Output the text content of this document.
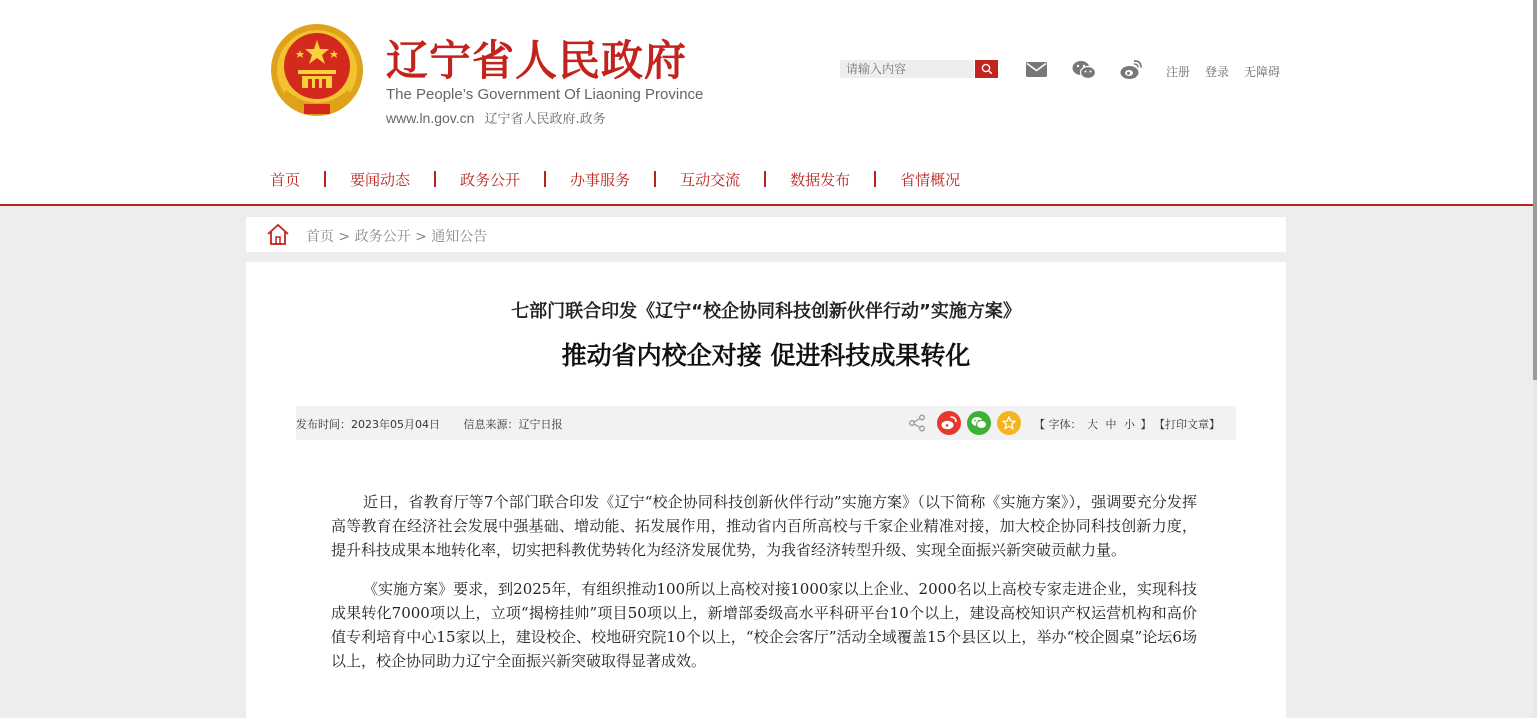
辽宁省人民政府
The People’s Government Of Liaoning Province
www.ln.gov.cn 辽宁省人民政府.政务
请输入内容
注册 登录 无障碍
首页	要闻动态	政务公开	办事服务	互动交流	数据发布	省情概况
首页 > 政务公开 > 通知公告
七部门联合印发《辽宁“校企协同科技创新伙伴行动”实施方案》
推动省内校企对接 促进科技成果转化
发布时间：2023年05月04日 信息来源：辽宁日报	【 字体： 大 中 小 】 【打印文章】

近日，省教育厅等7个部门联合印发《辽宁“校企协同科技创新伙伴行动”实施方案》（以下简称《实施方案》），强调要充分发挥高等教育在经济社会发展中强基础、增动能、拓发展作用，推动省内百所高校与千家企业精准对接，加大校企协同科技创新力度，提升科技成果本地转化率，切实把科教优势转化为经济发展优势，为我省经济转型升级、实现全面振兴新突破贡献力量。

《实施方案》要求，到2025年，有组织推动100所以上高校对接1000家以上企业、2000名以上高校专家走进企业，实现科技成果转化7000项以上，立项“揭榜挂帅”项目50项以上，新增部委级高水平科研平台10个以上，建设高校知识产权运营机构和高价值专利培育中心15家以上，建设校企、校地研究院10个以上，“校企会客厅”活动全域覆盖15个县区以上，举办“校企圆桌”论坛6场以上，校企协同助力辽宁全面振兴新突破取得显著成效。
